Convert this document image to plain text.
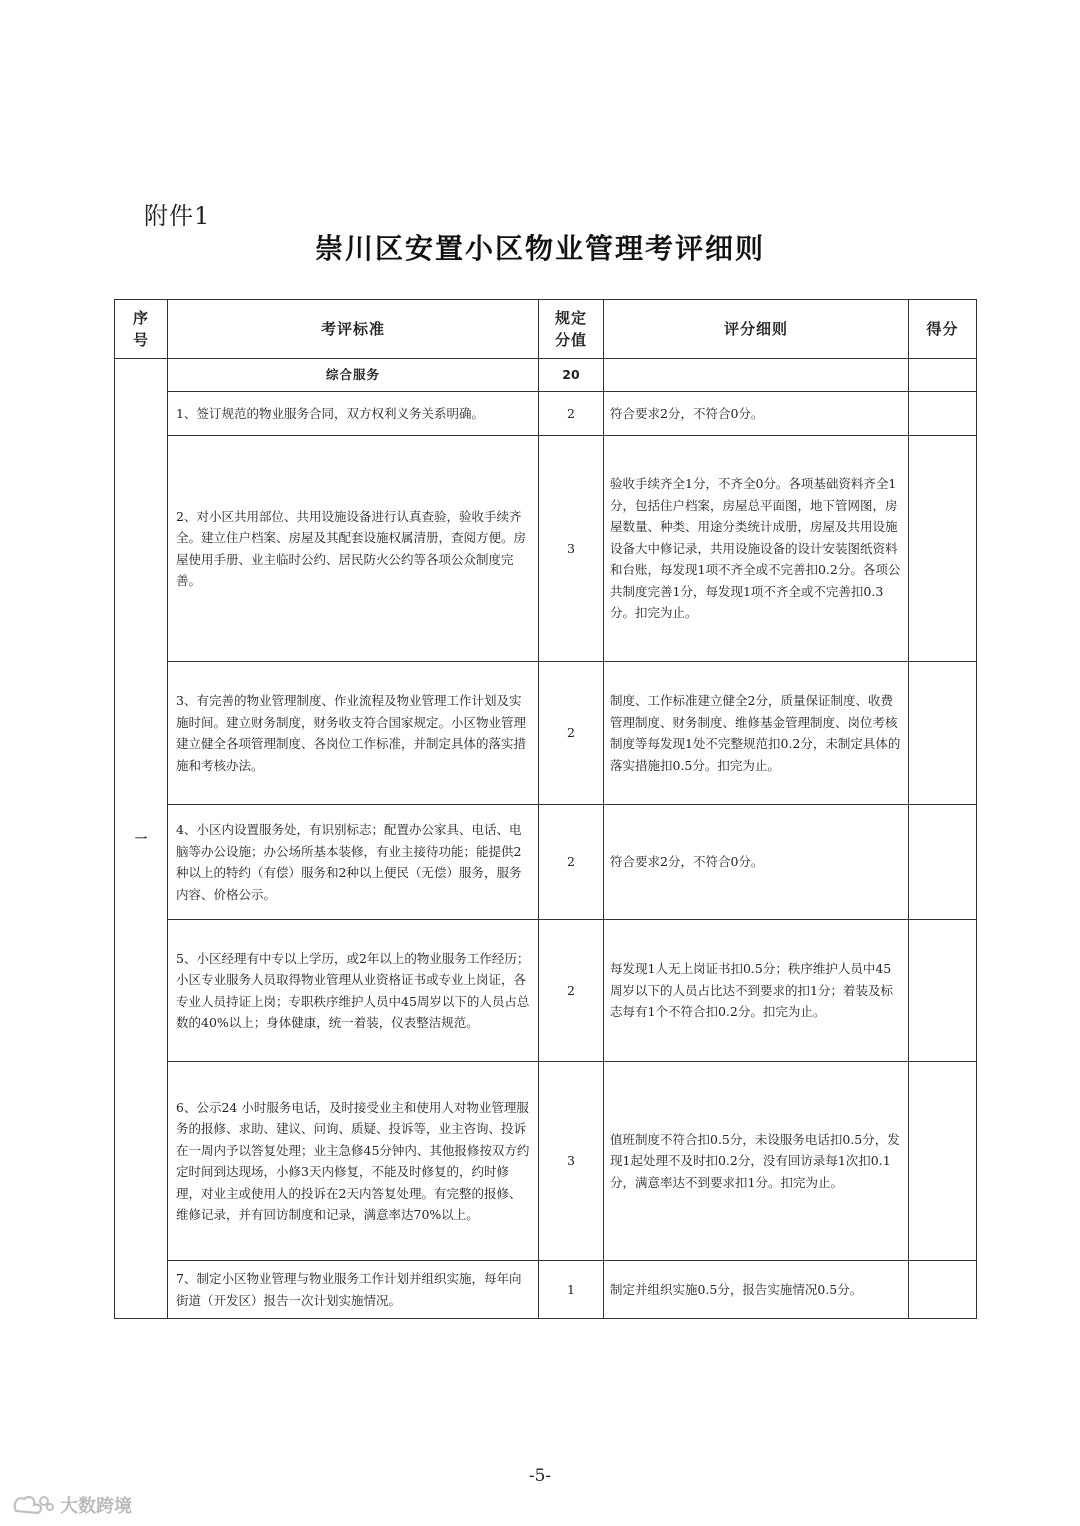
附件1
崇川区安置小区物业管理考评细则
序号	考评标准	规定分值	评分细则	得分
一	综合服务	20		
	1、签订规范的物业服务合同，双方权利义务关系明确。	2	符合要求2分，不符合0分。	
	2、对小区共用部位、共用设施设备进行认真查验，验收手续齐全。建立住户档案、房屋及其配套设施权属清册，查阅方便。房屋使用手册、业主临时公约、居民防火公约等各项公众制度完善。	3	验收手续齐全1分，不齐全0分。各项基础资料齐全1分，包括住户档案，房屋总平面图，地下管网图，房屋数量、种类、用途分类统计成册，房屋及共用设施设备大中修记录，共用设施设备的设计安装图纸资料和台账，每发现1项不齐全或不完善扣0.2分。各项公共制度完善1分，每发现1项不齐全或不完善扣0.3分。扣完为止。	
	3、有完善的物业管理制度、作业流程及物业管理工作计划及实施时间。建立财务制度，财务收支符合国家规定。小区物业管理建立健全各项管理制度、各岗位工作标准，并制定具体的落实措施和考核办法。	2	制度、工作标准建立健全2分，质量保证制度、收费管理制度、财务制度、维修基金管理制度、岗位考核制度等每发现1处不完整规范扣0.2分，未制定具体的落实措施扣0.5分。扣完为止。	
	4、小区内设置服务处，有识别标志；配置办公家具、电话、电脑等办公设施；办公场所基本装修，有业主接待功能；能提供2种以上的特约（有偿）服务和2种以上便民（无偿）服务，服务内容、价格公示。	2	符合要求2分，不符合0分。	
	5、小区经理有中专以上学历，或2年以上的物业服务工作经历；小区专业服务人员取得物业管理从业资格证书或专业上岗证，各专业人员持证上岗；专职秩序维护人员中45周岁以下的人员占总数的40%以上；身体健康，统一着装，仪表整洁规范。	2	每发现1人无上岗证书扣0.5分；秩序维护人员中45周岁以下的人员占比达不到要求的扣1分；着装及标志每有1个不符合扣0.2分。扣完为止。	
	6、公示24 小时服务电话，及时接受业主和使用人对物业管理服务的报修、求助、建议、问询、质疑、投诉等，业主咨询、投诉在一周内予以答复处理；业主急修45分钟内、其他报修按双方约定时间到达现场，小修3天内修复，不能及时修复的，约时修理，对业主或使用人的投诉在2天内答复处理。有完整的报修、维修记录，并有回访制度和记录，满意率达70%以上。	3	值班制度不符合扣0.5分，未设服务电话扣0.5分，发现1起处理不及时扣0.2分，没有回访录每1次扣0.1 分，满意率达不到要求扣1分。扣完为止。	
	7、制定小区物业管理与物业服务工作计划并组织实施，每年向街道（开发区）报告一次计划实施情况。	1	制定并组织实施0.5分，报告实施情况0.5分。	
-5-
大数跨境
